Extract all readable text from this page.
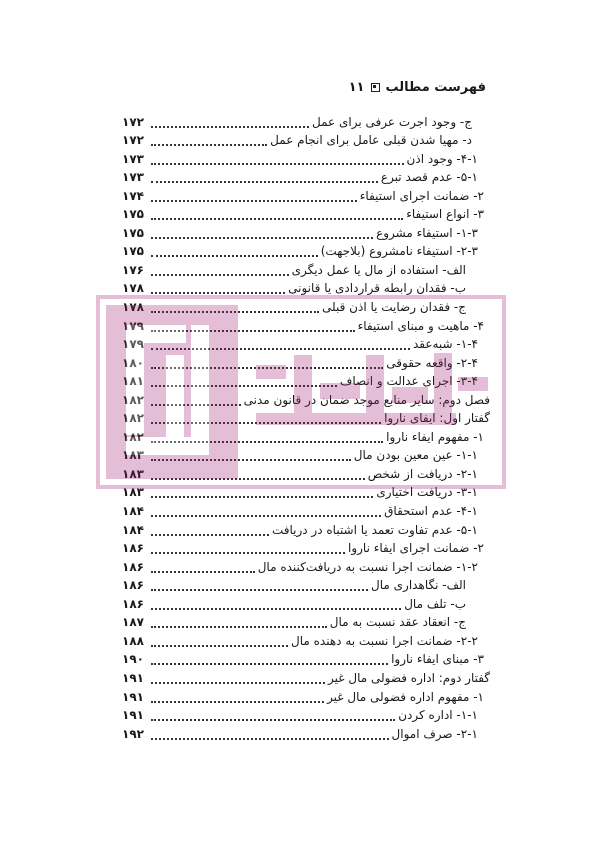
فهرست مطالب
۱۱
ج- وجود اجرت عرفی برای عمل
۱۷۲
د- مهیا شدن قبلی عامل برای انجام عمل
۱۷۲
۴-۱- وجود اذن
۱۷۳
۵-۱- عدم قصد تبرع
۱۷۳
۲- ضمانت اجرای استیفاء
۱۷۴
۳- انواع استیفاء
۱۷۵
۱-۳- استیفاء مشروع
۱۷۵
۲-۳- استیفاء نامشروع (بلاجهت)
۱۷۵
الف- استفاده از مال یا عمل دیگری
۱۷۶
ب- فقدان رابطه قراردادی یا قانونی
۱۷۸
ج- فقدان رضایت یا اذن قبلی
۱۷۸
۴- ماهیت و مبنای استیفاء
۱۷۹
۱-۴- شبه‌عقد
۱۷۹
۲-۴- واقعه حقوقی
۱۸۰
۳-۴- اجرای عدالت و انصاف
۱۸۱
فصل دوم: سایر منابع موجد ضمان در قانون مدنی
۱۸۲
گفتار اول: ایفای ناروا
۱۸۲
۱- مفهوم ایفاء ناروا
۱۸۲
۱-۱- عین معین بودن مال
۱۸۳
۲-۱- دریافت از شخص
۱۸۳
۳-۱- دریافت اختیاری
۱۸۳
۴-۱- عدم استحقاق
۱۸۴
۵-۱- عدم تفاوت تعمد یا اشتباه در دریافت
۱۸۴
۲- ضمانت اجرای ایفاء ناروا
۱۸۶
۱-۲- ضمانت اجرا نسبت به دریافت‌کننده مال
۱۸۶
الف- نگاهداری مال
۱۸۶
ب- تلف مال
۱۸۶
ج- انعقاد عقد نسبت به مال
۱۸۷
۲-۲- ضمانت اجرا نسبت به دهنده مال
۱۸۸
۳- مبنای ایفاء ناروا
۱۹۰
گفتار دوم: اداره فضولی مال غیر
۱۹۱
۱- مفهوم اداره فضولی مال غیر
۱۹۱
۱-۱- اداره کردن
۱۹۱
۲-۱- صرف اموال
۱۹۲
